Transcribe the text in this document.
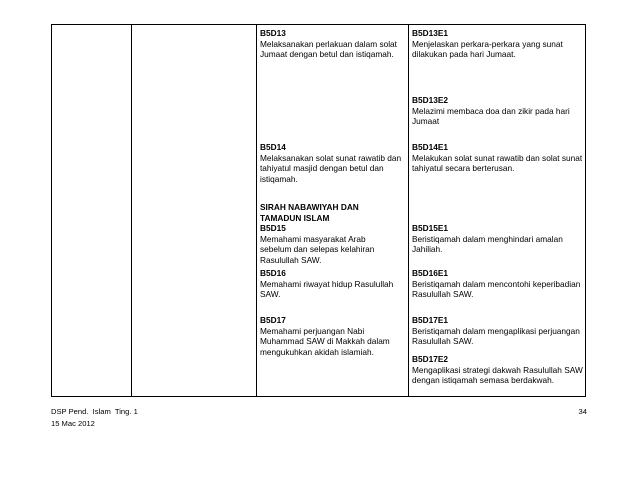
B5D13
Melaksanakan perlakuan dalam solat Jumaat dengan betul dan istiqamah.
B5D13E1
Menjelaskan perkara-perkara yang sunat dilakukan pada hari Jumaat.
B5D13E2
Melazimi membaca doa dan zikir pada hari Jumaat
B5D14
Melaksanakan solat sunat rawatib dan tahiyatul masjid dengan betul dan istiqamah.
B5D14E1
Melakukan solat sunat rawatib dan solat sunat tahiyatul secara berterusan.
SIRAH NABAWIYAH DAN TAMADUN ISLAM
B5D15
Memahami masyarakat Arab sebelum dan selepas kelahiran Rasulullah SAW.
B5D15E1
Beristiqamah dalam menghindari amalan Jahiliah.
B5D16
Memahami riwayat hidup Rasulullah SAW.
B5D16E1
Beristiqamah dalam mencontohi keperibadian Rasulullah SAW.
B5D17
Memahami perjuangan Nabi Muhammad SAW di Makkah dalam mengukuhkan akidah islamiah.
B5D17E1
Beristiqamah dalam mengaplikasi perjuangan Rasulullah SAW.
B5D17E2
Mengaplikasi strategi dakwah Rasulullah SAW dengan istiqamah semasa berdakwah.
DSP Pend.  Islam  Ting. 1
15 Mac 2012
34
